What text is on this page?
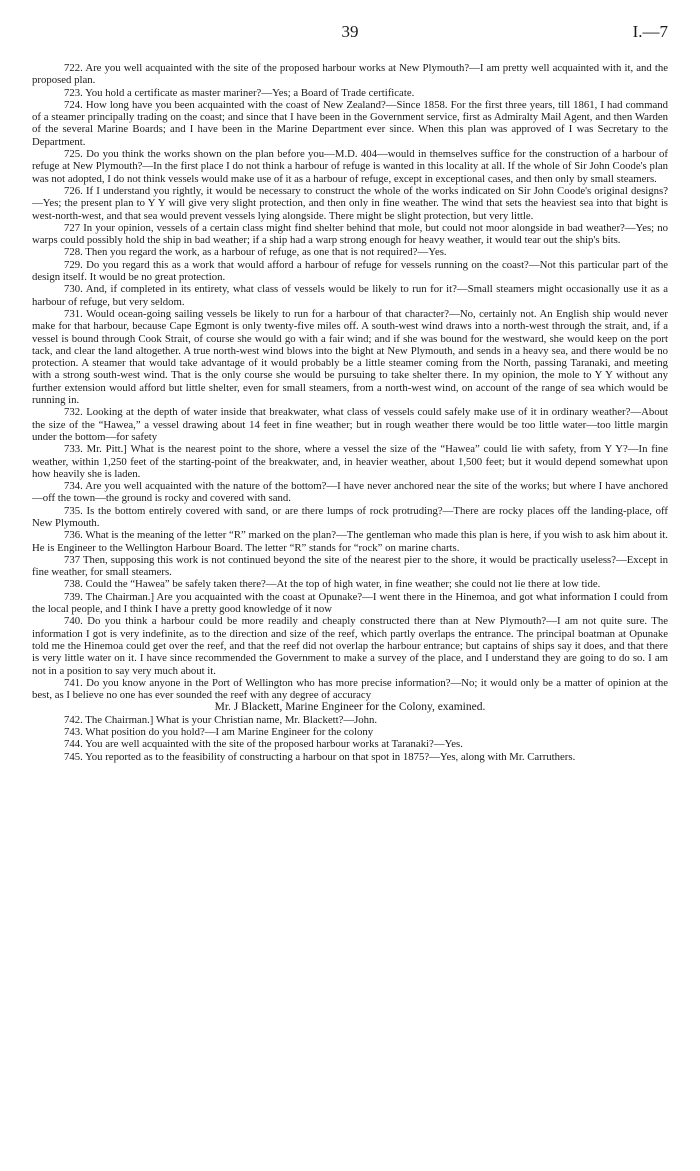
39	I.—7

722. Are you well acquainted with the site of the proposed harbour works at New Plymouth?—I am pretty well acquainted with it, and the proposed plan.

723. You hold a certificate as master mariner?—Yes; a Board of Trade certificate.

724. How long have you been acquainted with the coast of New Zealand?—Since 1858. For the first three years, till 1861, I had command of a steamer principally trading on the coast; and since that I have been in the Government service, first as Admiralty Mail Agent, and then Warden of the several Marine Boards; and I have been in the Marine Department ever since. When this plan was approved of I was Secretary to the Department.

725. Do you think the works shown on the plan before you—M.D. 404—would in themselves suffice for the construction of a harbour of refuge at New Plymouth?—In the first place I do not think a harbour of refuge is wanted in this locality at all. If the whole of Sir John Coode's plan was not adopted, I do not think vessels would make use of it as a harbour of refuge, except in exceptional cases, and then only by small steamers.

726. If I understand you rightly, it would be necessary to construct the whole of the works indicated on Sir John Coode's original designs?—Yes; the present plan to Y Y will give very slight protection, and then only in fine weather. The wind that sets the heaviest sea into that bight is west-north-west, and that sea would prevent vessels lying alongside. There might be slight protection, but very little.

727 In your opinion, vessels of a certain class might find shelter behind that mole, but could not moor alongside in bad weather?—Yes; no warps could possibly hold the ship in bad weather; if a ship had a warp strong enough for heavy weather, it would tear out the ship's bits.

728. Then you regard the work, as a harbour of refuge, as one that is not required?—Yes.

729. Do you regard this as a work that would afford a harbour of refuge for vessels running on the coast?—Not this particular part of the design itself. It would be no great protection.

730. And, if completed in its entirety, what class of vessels would be likely to run for it?—Small steamers might occasionally use it as a harbour of refuge, but very seldom.

731. Would ocean-going sailing vessels be likely to run for a harbour of that character?—No, certainly not. An English ship would never make for that harbour, because Cape Egmont is only twenty-five miles off. A south-west wind draws into a north-west through the strait, and, if a vessel is bound through Cook Strait, of course she would go with a fair wind; and if she was bound for the westward, she would keep on the port tack, and clear the land altogether. A true north-west wind blows into the bight at New Plymouth, and sends in a heavy sea, and there would be no protection. A steamer that would take advantage of it would probably be a little steamer coming from the North, passing Taranaki, and meeting with a strong south-west wind. That is the only course she would be pursuing to take shelter there. In my opinion, the mole to Y Y without any further extension would afford but little shelter, even for small steamers, from a north-west wind, on account of the range of sea which would be running in.

732. Looking at the depth of water inside that breakwater, what class of vessels could safely make use of it in ordinary weather?—About the size of the “Hawea,” a vessel drawing about 14 feet in fine weather; but in rough weather there would be too little water—too little margin under the bottom—for safety

733. Mr. Pitt.] What is the nearest point to the shore, where a vessel the size of the “Hawea” could lie with safety, from Y Y?—In fine weather, within 1,250 feet of the starting-point of the breakwater, and, in heavier weather, about 1,500 feet; but it would depend somewhat upon how heavily she is laden.

734. Are you well acquainted with the nature of the bottom?—I have never anchored near the site of the works; but where I have anchored—off the town—the ground is rocky and covered with sand.

735. Is the bottom entirely covered with sand, or are there lumps of rock protruding?—There are rocky places off the landing-place, off New Plymouth.

736. What is the meaning of the letter “R” marked on the plan?—The gentleman who made this plan is here, if you wish to ask him about it. He is Engineer to the Wellington Harbour Board. The letter “R” stands for “rock” on marine charts.

737 Then, supposing this work is not continued beyond the site of the nearest pier to the shore, it would be practically useless?—Except in fine weather, for small steamers.

738. Could the “Hawea” be safely taken there?—At the top of high water, in fine weather; she could not lie there at low tide.

739. The Chairman.] Are you acquainted with the coast at Opunake?—I went there in the Hinemoa, and got what information I could from the local people, and I think I have a pretty good knowledge of it now

740. Do you think a harbour could be more readily and cheaply constructed there than at New Plymouth?—I am not quite sure. The information I got is very indefinite, as to the direction and size of the reef, which partly overlaps the entrance. The principal boatman at Opunake told me the Hinemoa could get over the reef, and that the reef did not overlap the harbour entrance; but captains of ships say it does, and that there is very little water on it. I have since recommended the Government to make a survey of the place, and I understand they are going to do so. I am not in a position to say very much about it.

741. Do you know anyone in the Port of Wellington who has more precise information?—No; it would only be a matter of opinion at the best, as I believe no one has ever sounded the reef with any degree of accuracy

Mr. J Blackett, Marine Engineer for the Colony, examined.

742. The Chairman.] What is your Christian name, Mr. Blackett?—John.

743. What position do you hold?—I am Marine Engineer for the colony

744. You are well acquainted with the site of the proposed harbour works at Taranaki?—Yes.

745. You reported as to the feasibility of constructing a harbour on that spot in 1875?—Yes, along with Mr. Carruthers.
